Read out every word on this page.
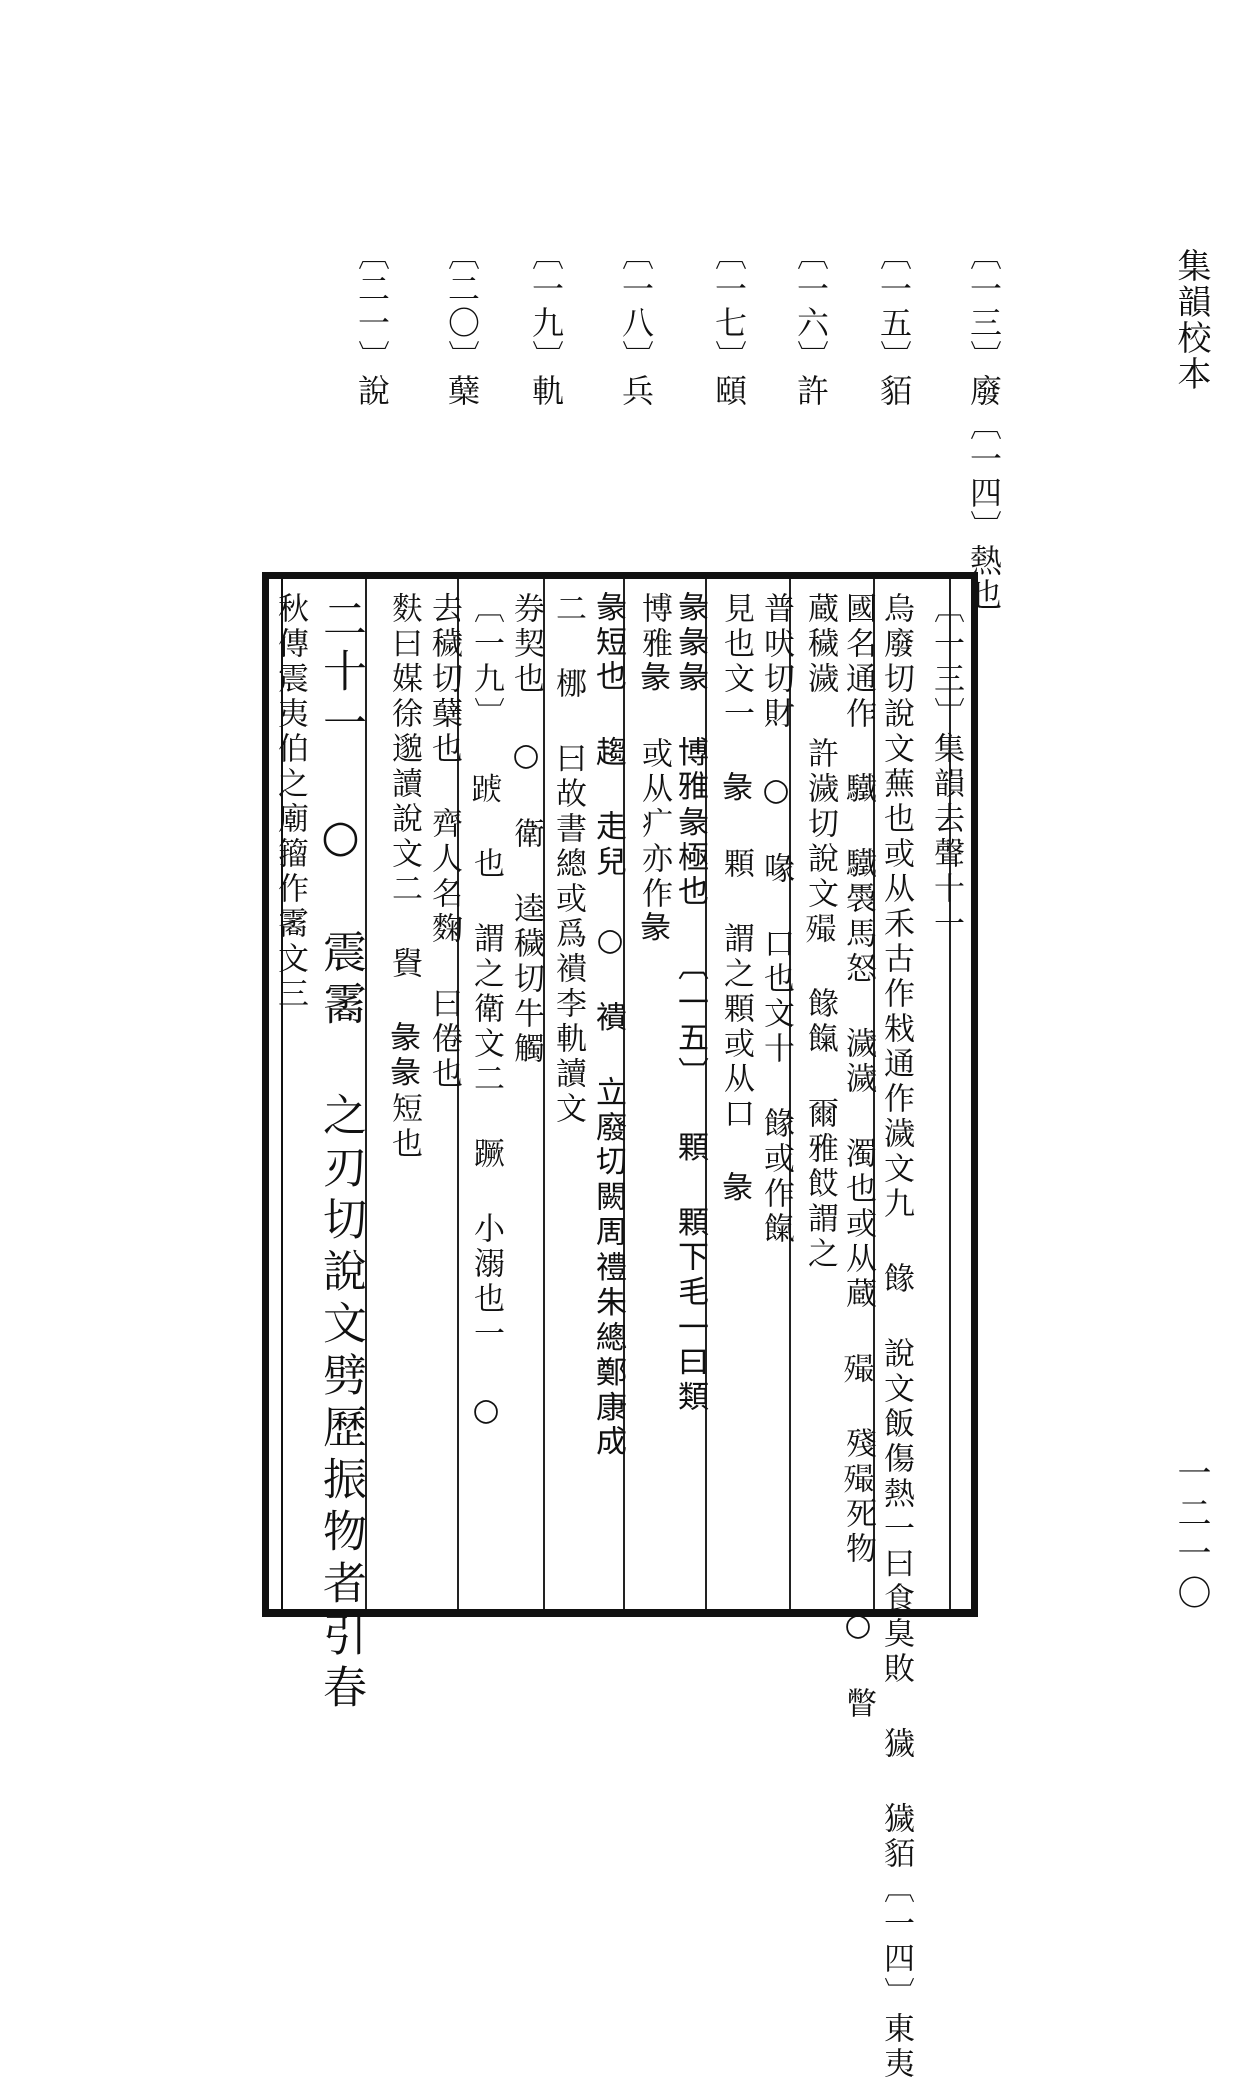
集韻校本
一二一〇
〔一三〕廢〔一四〕熱也
〔一五〕貊
〔一六〕許
〔一七〕頤
〔一八〕兵
〔一九〕軌
〔二〇〕蘖
〔二一〕說
〔一三〕集韻去聲十一
烏廢切說文蕪也或从禾古作㦵通作濊文九 餯 說文飯傷熱一曰食臭敗 獩 獩貊〔一四〕東夷
國名通作 驖 驖䮍馬怒 濊濊 濁也或从蔵 𣩡 殘𣩡死物 ○ 瞥
蔵穢濊 許濊切說文𣩡 餯餼 爾雅餀謂之
普吠切財 ○ 喙 口也文十 餯或作餼
見也文一 𧰲 顆 謂之顆或从口 𧰲
𧰲𧰲𧰲 博雅𧰲極也 〔一五〕 顆 顆下毛一曰類
博雅𧰲 或从疒亦作𧰲
𧰲短也 趨 走兒 ○ 䙡 立廢切闕周禮朱總鄭康成
二 梛 曰故書總或爲䙡李軌讀文
券契也 ○ 衛 逵穢切牛觸
〔一九〕 𨂑 也 謂之衛文二 蹶 小溺也一 ○
去穢切蘖也 齊人名麴 曰倦也
麩曰媒徐邈讀說文二 䝿 𧰲𧰲短也
二十一 ○ 震霱 之刃切說文劈歷振物者引春
秋傳震夷伯之廟籀作霱文三
